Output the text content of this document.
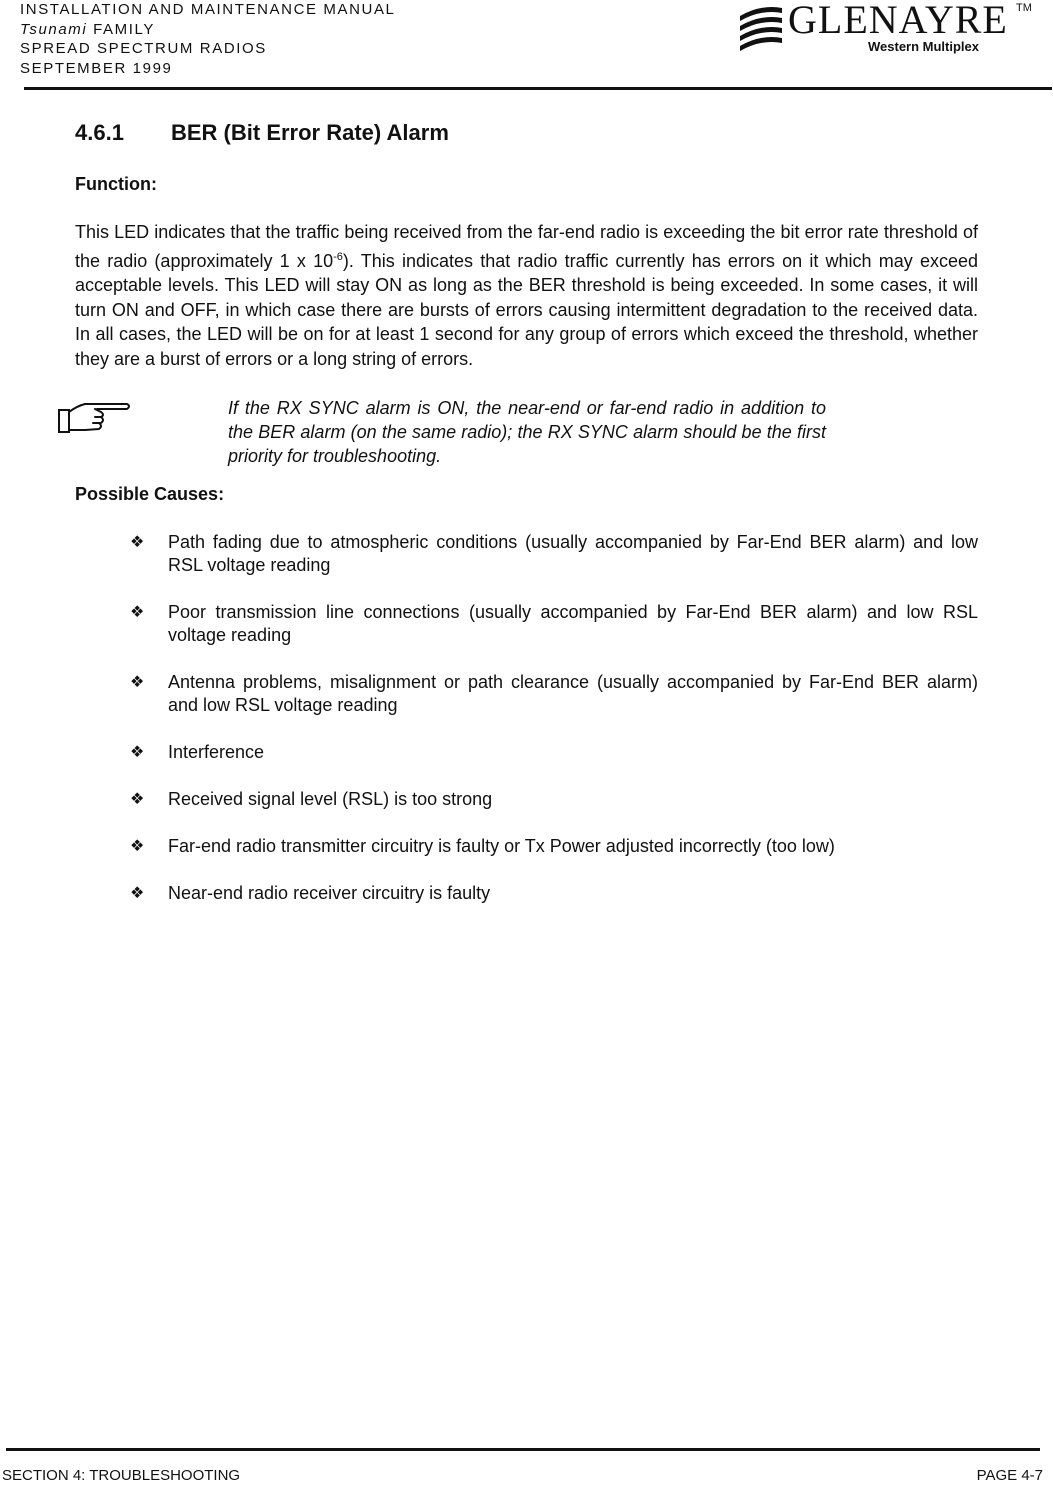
INSTALLATION AND MAINTENANCE MANUAL
Tsunami FAMILY
SPREAD SPECTRUM RADIOS
SEPTEMBER 1999
GLENAYRE TM
Western Multiplex
4.6.1 BER (Bit Error Rate) Alarm
Function:

This LED indicates that the traffic being received from the far-end radio is exceeding the bit error rate threshold of the radio (approximately 1 x $10^{-6}$). This indicates that radio traffic currently has errors on it which may exceed acceptable levels. This LED will stay ON as long as the BER threshold is being exceeded. In some cases, it will turn ON and OFF, in which case there are bursts of errors causing intermittent degradation to the received data. In all cases, the LED will be on for at least 1 second for any group of errors which exceed the threshold, whether they are a burst of errors or a long string of errors.

If the RX SYNC alarm is ON, the near-end or far-end radio in addition to the BER alarm (on the same radio); the RX SYNC alarm should be the first priority for troubleshooting.
Possible Causes:
❖ Path fading due to atmospheric conditions (usually accompanied by Far-End BER alarm) and low RSL voltage reading
❖ Poor transmission line connections (usually accompanied by Far-End BER alarm) and low RSL voltage reading
❖ Antenna problems, misalignment or path clearance (usually accompanied by Far-End BER alarm) and low RSL voltage reading
❖ Interference
❖ Received signal level (RSL) is too strong
❖ Far-end radio transmitter circuitry is faulty or Tx Power adjusted incorrectly (too low)
❖ Near-end radio receiver circuitry is faulty
SECTION 4: TROUBLESHOOTING	PAGE 4-7
